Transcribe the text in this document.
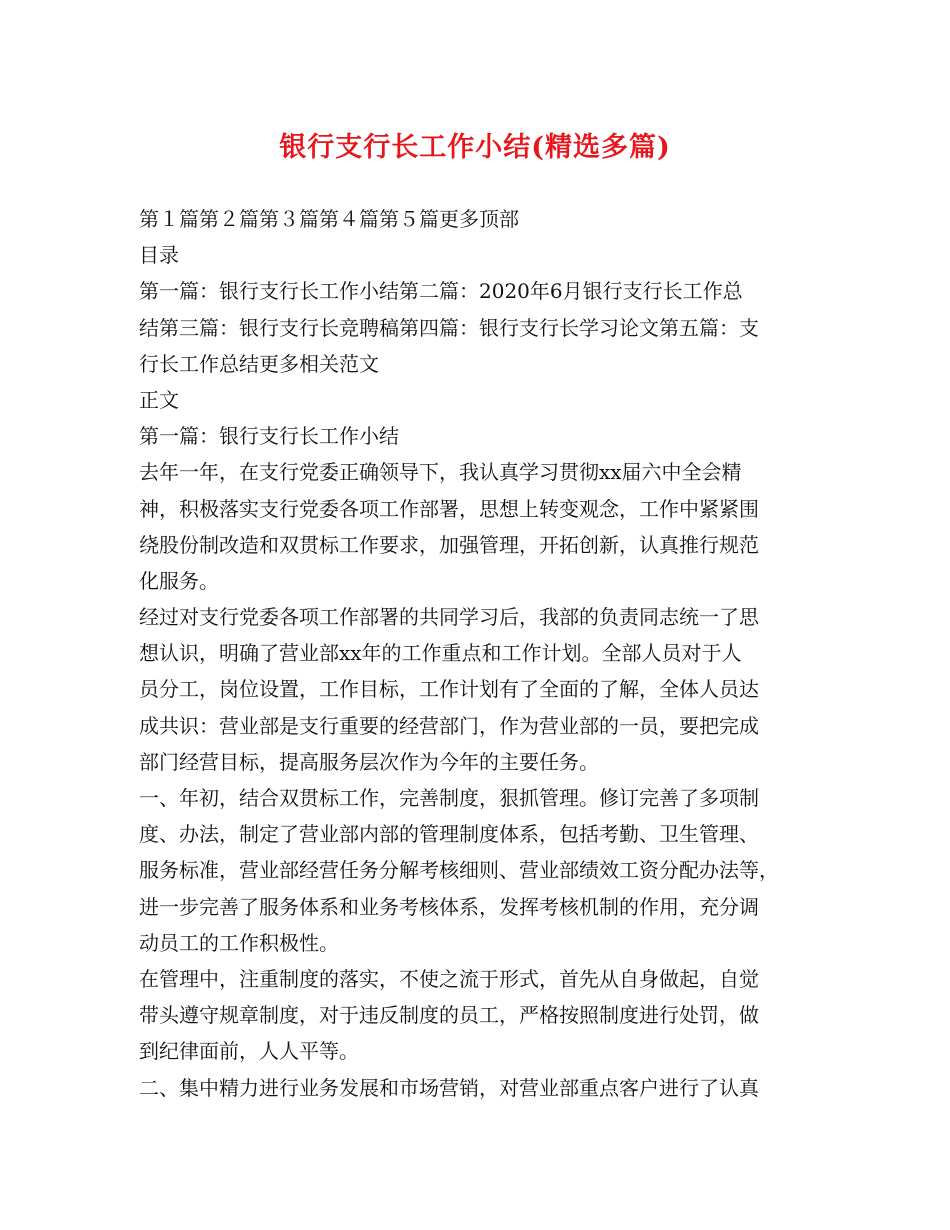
银行支行长工作小结(精选多篇)
第１篇第２篇第３篇第４篇第５篇更多顶部
目录
第一篇：银行支行长工作小结第二篇：2020年6月银行支行长工作总
结第三篇：银行支行长竞聘稿第四篇：银行支行长学习论文第五篇：支
行长工作总结更多相关范文
正文
第一篇：银行支行长工作小结
去年一年，在支行党委正确领导下，我认真学习贯彻xx届六中全会精
神，积极落实支行党委各项工作部署，思想上转变观念，工作中紧紧围
绕股份制改造和双贯标工作要求，加强管理，开拓创新，认真推行规范
化服务。
经过对支行党委各项工作部署的共同学习后，我部的负责同志统一了思
想认识，明确了营业部xx年的工作重点和工作计划。全部人员对于人
员分工，岗位设置，工作目标，工作计划有了全面的了解，全体人员达
成共识：营业部是支行重要的经营部门，作为营业部的一员，要把完成
部门经营目标，提高服务层次作为今年的主要任务。
一、年初，结合双贯标工作，完善制度，狠抓管理。修订完善了多项制
度、办法，制定了营业部内部的管理制度体系，包括考勤、卫生管理、
服务标准，营业部经营任务分解考核细则、营业部绩效工资分配办法等，
进一步完善了服务体系和业务考核体系，发挥考核机制的作用，充分调
动员工的工作积极性。
在管理中，注重制度的落实，不使之流于形式，首先从自身做起，自觉
带头遵守规章制度，对于违反制度的员工，严格按照制度进行处罚，做
到纪律面前，人人平等。
二、集中精力进行业务发展和市场营销，对营业部重点客户进行了认真
